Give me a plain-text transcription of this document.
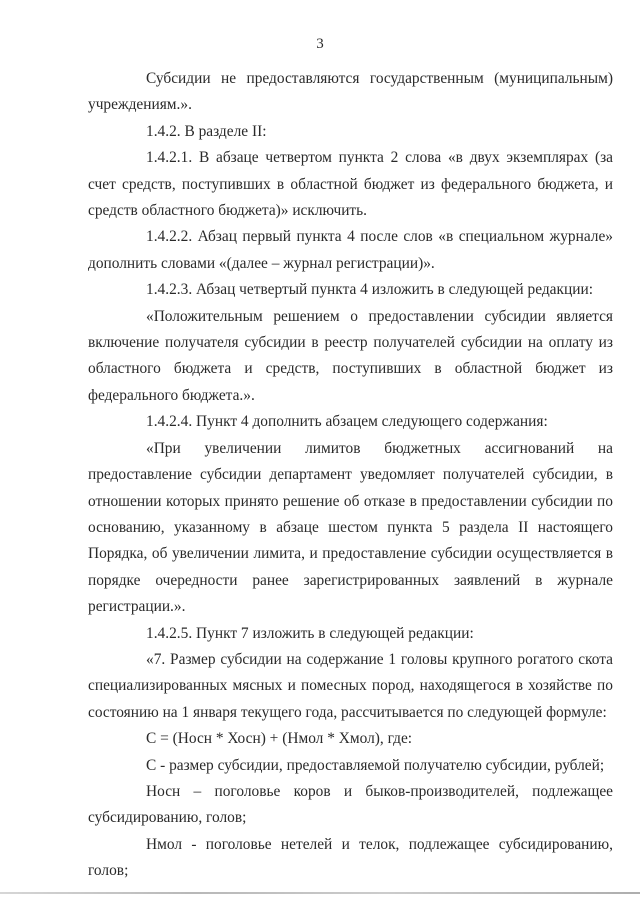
3

Субсидии не предоставляются государственным (муниципальным) учреждениям.».

1.4.2. В разделе II:

1.4.2.1. В абзаце четвертом пункта 2 слова «в двух экземплярах (за счет средств, поступивших в областной бюджет из федерального бюджета, и средств областного бюджета)» исключить.

1.4.2.2. Абзац первый пункта 4 после слов «в специальном журнале» дополнить словами «(далее – журнал регистрации)».

1.4.2.3. Абзац четвертый пункта 4 изложить в следующей редакции:

«Положительным решением о предоставлении субсидии является включение получателя субсидии в реестр получателей субсидии на оплату из областного бюджета и средств, поступивших в областной бюджет из федерального бюджета.».

1.4.2.4. Пункт 4 дополнить абзацем следующего содержания:

«При увеличении лимитов бюджетных ассигнований на предоставление субсидии департамент уведомляет получателей субсидии, в отношении которых принято решение об отказе в предоставлении субсидии по основанию, указанному в абзаце шестом пункта 5 раздела II настоящего Порядка, об увеличении лимита, и предоставление субсидии осуществляется в порядке очередности ранее зарегистрированных заявлений в журнале регистрации.».

1.4.2.5. Пункт 7 изложить в следующей редакции:

«7. Размер субсидии на содержание 1 головы крупного рогатого скота специализированных мясных и помесных пород, находящегося в хозяйстве по состоянию на 1 января текущего года, рассчитывается по следующей формуле:

С = (Носн * Хосн) + (Нмол * Хмол), где:

С - размер субсидии, предоставляемой получателю субсидии, рублей;

Носн – поголовье коров и быков-производителей, подлежащее субсидированию, голов;

Нмол - поголовье нетелей и телок, подлежащее субсидированию, голов;
